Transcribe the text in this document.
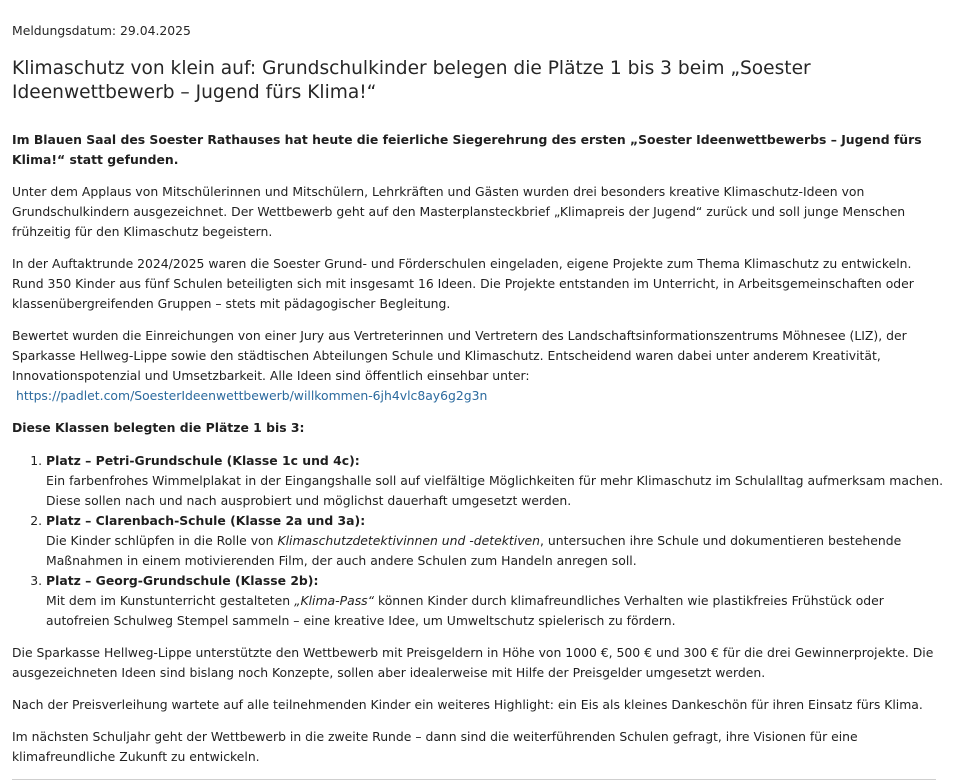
Meldungsdatum: 29.04.2025
Klimaschutz von klein auf: Grundschulkinder belegen die Plätze 1 bis 3 beim „Soester Ideenwettbewerb – Jugend fürs Klima!“

Im Blauen Saal des Soester Rathauses hat heute die feierliche Siegerehrung des ersten „Soester Ideenwettbewerbs – Jugend fürs Klima!“ statt gefunden.

Unter dem Applaus von Mitschülerinnen und Mitschülern, Lehrkräften und Gästen wurden drei besonders kreative Klimaschutz-Ideen von Grundschulkindern ausgezeichnet. Der Wettbewerb geht auf den Masterplansteckbrief „Klimapreis der Jugend“ zurück und soll junge Menschen frühzeitig für den Klimaschutz begeistern.

In der Auftaktrunde 2024/2025 waren die Soester Grund- und Förderschulen eingeladen, eigene Projekte zum Thema Klimaschutz zu entwickeln. Rund 350 Kinder aus fünf Schulen beteiligten sich mit insgesamt 16 Ideen. Die Projekte entstanden im Unterricht, in Arbeitsgemeinschaften oder klassenübergreifenden Gruppen – stets mit pädagogischer Begleitung.

Bewertet wurden die Einreichungen von einer Jury aus Vertreterinnen und Vertretern des Landschaftsinformationszentrums Möhnesee (LIZ), der Sparkasse Hellweg-Lippe sowie den städtischen Abteilungen Schule und Klimaschutz. Entscheidend waren dabei unter anderem Kreativität, Innovationspotenzial und Umsetzbarkeit. Alle Ideen sind öffentlich einsehbar unter:
https://padlet.com/SoesterIdeenwettbewerb/willkommen-6jh4vlc8ay6g2g3n

Diese Klassen belegten die Plätze 1 bis 3:
1. Platz – Petri-Grundschule (Klasse 1c und 4c):
Ein farbenfrohes Wimmelplakat in der Eingangshalle soll auf vielfältige Möglichkeiten für mehr Klimaschutz im Schulalltag aufmerksam machen. Diese sollen nach und nach ausprobiert und möglichst dauerhaft umgesetzt werden.
2. Platz – Clarenbach-Schule (Klasse 2a und 3a):
Die Kinder schlüpfen in die Rolle von Klimaschutzdetektivinnen und -detektiven, untersuchen ihre Schule und dokumentieren bestehende Maßnahmen in einem motivierenden Film, der auch andere Schulen zum Handeln anregen soll.
3. Platz – Georg-Grundschule (Klasse 2b):
Mit dem im Kunstunterricht gestalteten „Klima-Pass“ können Kinder durch klimafreundliches Verhalten wie plastikfreies Frühstück oder autofreien Schulweg Stempel sammeln – eine kreative Idee, um Umweltschutz spielerisch zu fördern.

Die Sparkasse Hellweg-Lippe unterstützte den Wettbewerb mit Preisgeldern in Höhe von 1000 €, 500 € und 300 € für die drei Gewinnerprojekte. Die ausgezeichneten Ideen sind bislang noch Konzepte, sollen aber idealerweise mit Hilfe der Preisgelder umgesetzt werden.

Nach der Preisverleihung wartete auf alle teilnehmenden Kinder ein weiteres Highlight: ein Eis als kleines Dankeschön für ihren Einsatz fürs Klima.

Im nächsten Schuljahr geht der Wettbewerb in die zweite Runde – dann sind die weiterführenden Schulen gefragt, ihre Visionen für eine klimafreundliche Zukunft zu entwickeln.
